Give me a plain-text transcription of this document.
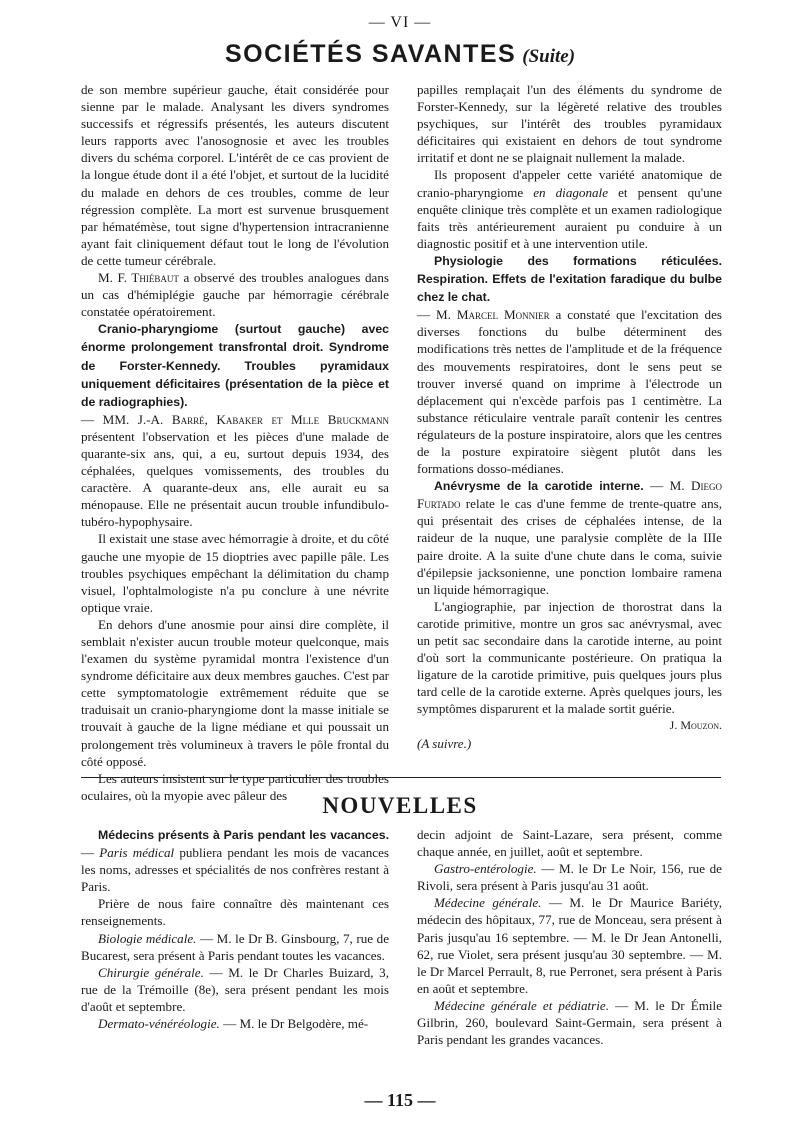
— VI —
SOCIÉTÉS SAVANTES (Suite)

de son membre supérieur gauche, était considérée pour sienne par le malade. Analysant les divers syndromes successifs et régressifs présentés, les auteurs discutent leurs rapports avec l'anosognosie et avec les troubles divers du schéma corporel. L'intérêt de ce cas provient de la longue étude dont il a été l'objet, et surtout de la lucidité du malade en dehors de ces troubles, comme de leur régression complète. La mort est survenue brusquement par hématémèse, tout signe d'hypertension intracranienne ayant fait cliniquement défaut tout le long de l'évolution de cette tumeur cérébrale.

M. F. Thiébaut a observé des troubles analogues dans un cas d'hémiplégie gauche par hémorragie cérébrale constatée opératoirement.

Cranio-pharyngiome (surtout gauche) avec énorme prolongement transfrontal droit. Syndrome de Forster-Kennedy. Troubles pyramidaux uniquement déficitaires (présentation de la pièce et de radiographies).

— MM. J.-A. Barré, Kabaker et Mlle Bruckmann présentent l'observation et les pièces d'une malade de quarante-six ans, qui, a eu, surtout depuis 1934, des céphalées, quelques vomissements, des troubles du caractère. A quarante-deux ans, elle aurait eu sa ménopause. Elle ne présentait aucun trouble infundibulo-tubéro-hypophysaire.

Il existait une stase avec hémorragie à droite, et du côté gauche une myopie de 15 dioptries avec papille pâle. Les troubles psychiques empêchant la délimitation du champ visuel, l'ophtalmologiste n'a pu conclure à une névrite optique vraie.

En dehors d'une anosmie pour ainsi dire complète, il semblait n'exister aucun trouble moteur quelconque, mais l'examen du système pyramidal montra l'existence d'un syndrome déficitaire aux deux membres gauches. C'est par cette symptomatologie extrêmement réduite que se traduisait un cranio-pharyngiome dont la masse initiale se trouvait à gauche de la ligne médiane et qui poussait un prolongement très volumineux à travers le pôle frontal du côté opposé.

Les auteurs insistent sur le type particulier des troubles oculaires, où la myopie avec pâleur des

papilles remplaçait l'un des éléments du syndrome de Forster-Kennedy, sur la légèreté relative des troubles psychiques, sur l'intérêt des troubles pyramidaux déficitaires qui existaient en dehors de tout syndrome irritatif et dont ne se plaignait nullement la malade.

Ils proposent d'appeler cette variété anatomique de cranio-pharyngiome en diagonale et pensent qu'une enquête clinique très complète et un examen radiologique faits très antérieurement auraient pu conduire à un diagnostic positif et à une intervention utile.

Physiologie des formations réticulées. Respiration. Effets de l'exitation faradique du bulbe chez le chat.

— M. Marcel Monnier a constaté que l'excitation des diverses fonctions du bulbe déterminent des modifications très nettes de l'amplitude et de la fréquence des mouvements respiratoires, dont le sens peut se trouver inversé quand on imprime à l'électrode un déplacement qui n'excède parfois pas 1 centimètre. La substance réticulaire ventrale paraît contenir les centres régulateurs de la posture inspiratoire, alors que les centres de la posture expiratoire siègent plutôt dans les formations dosso-médianes.

Anévrysme de la carotide interne. — M. Diego Furtado relate le cas d'une femme de trente-quatre ans, qui présentait des crises de céphalées intense, de la raideur de la nuque, une paralysie complète de la IIIe paire droite. A la suite d'une chute dans le coma, suivie d'épilepsie jacksonienne, une ponction lombaire ramena un liquide hémorragique.

L'angiographie, par injection de thorostrat dans la carotide primitive, montre un gros sac anévrysmal, avec un petit sac secondaire dans la carotide interne, au point d'où sort la communicante postérieure. On pratiqua la ligature de la carotide primitive, puis quelques jours plus tard celle de la carotide externe. Après quelques jours, les symptômes disparurent et la malade sortit guérie.

J. Mouzon.

(A suivre.)

NOUVELLES

Médecins présents à Paris pendant les vacances. — Paris médical publiera pendant les mois de vacances les noms, adresses et spécialités de nos confrères restant à Paris.

Prière de nous faire connaître dès maintenant ces renseignements.

Biologie médicale. — M. le Dr B. Ginsbourg, 7, rue de Bucarest, sera présent à Paris pendant toutes les vacances.

Chirurgie générale. — M. le Dr Charles Buizard, 3, rue de la Trémoille (8e), sera présent pendant les mois d'août et septembre.

Dermato-vénéréologie. — M. le Dr Belgodère, mé-

decin adjoint de Saint-Lazare, sera présent, comme chaque année, en juillet, août et septembre.

Gastro-entérologie. — M. le Dr Le Noir, 156, rue de Rivoli, sera présent à Paris jusqu'au 31 août.

Médecine générale. — M. le Dr Maurice Bariéty, médecin des hôpitaux, 77, rue de Monceau, sera présent à Paris jusqu'au 16 septembre. — M. le Dr Jean Antonelli, 62, rue Violet, sera présent jusqu'au 30 septembre. — M. le Dr Marcel Perrault, 8, rue Perronet, sera présent à Paris en août et septembre.

Médecine générale et pédiatrie. — M. le Dr Émile Gilbrin, 260, boulevard Saint-Germain, sera présent à Paris pendant les grandes vacances.

— 115 —
